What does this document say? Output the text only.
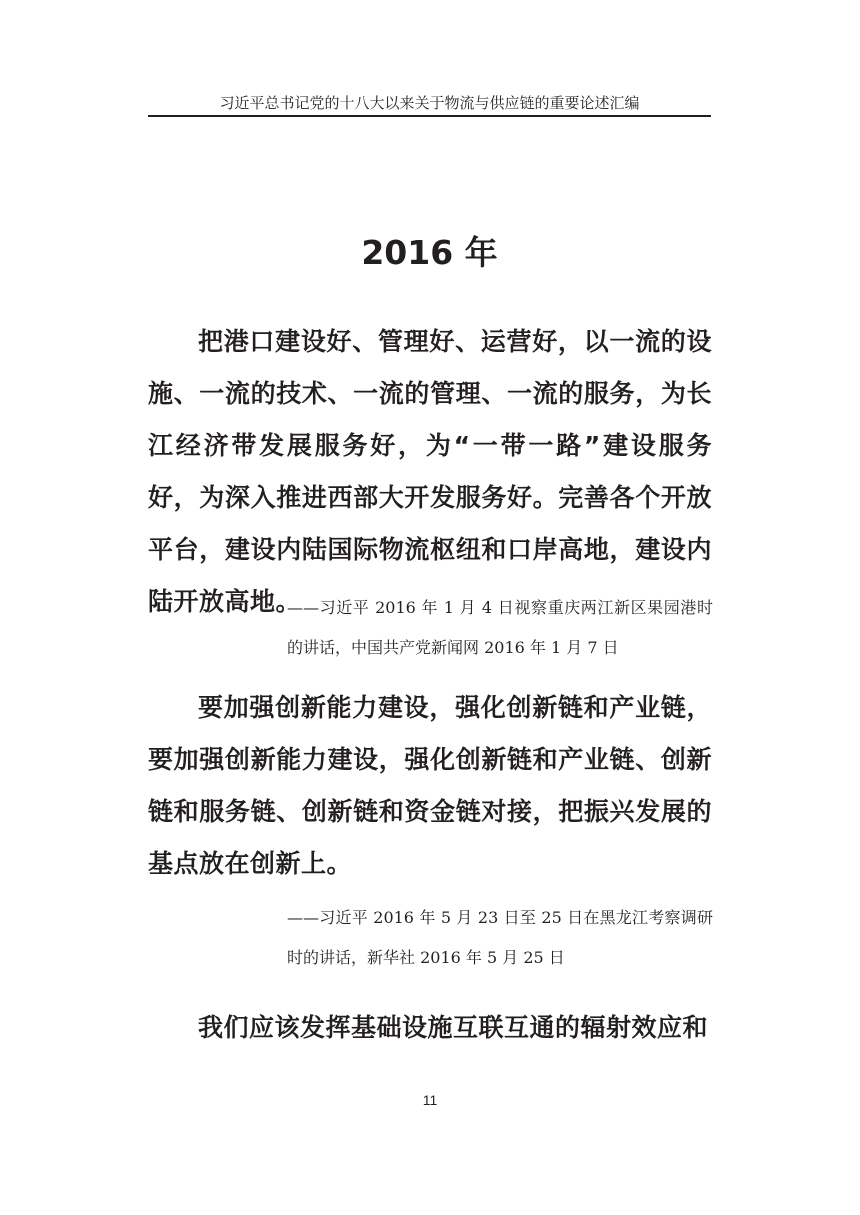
习近平总书记党的十八大以来关于物流与供应链的重要论述汇编
2016 年

把港口建设好、管理好、运营好，以一流的设施、一流的技术、一流的管理、一流的服务，为长江经济带发展服务好，为“一带一路”建设服务好，为深入推进西部大开发服务好。完善各个开放平台，建设内陆国际物流枢纽和口岸高地，建设内陆开放高地。

——习近平 2016 年 1 月 4 日视察重庆两江新区果园港时的讲话，中国共产党新闻网 2016 年 1 月 7 日

要加强创新能力建设，强化创新链和产业链，要加强创新能力建设，强化创新链和产业链、创新链和服务链、创新链和资金链对接，把振兴发展的基点放在创新上。

——习近平 2016 年 5 月 23 日至 25 日在黑龙江考察调研时的讲话，新华社 2016 年 5 月 25 日

我们应该发挥基础设施互联互通的辐射效应和

11
